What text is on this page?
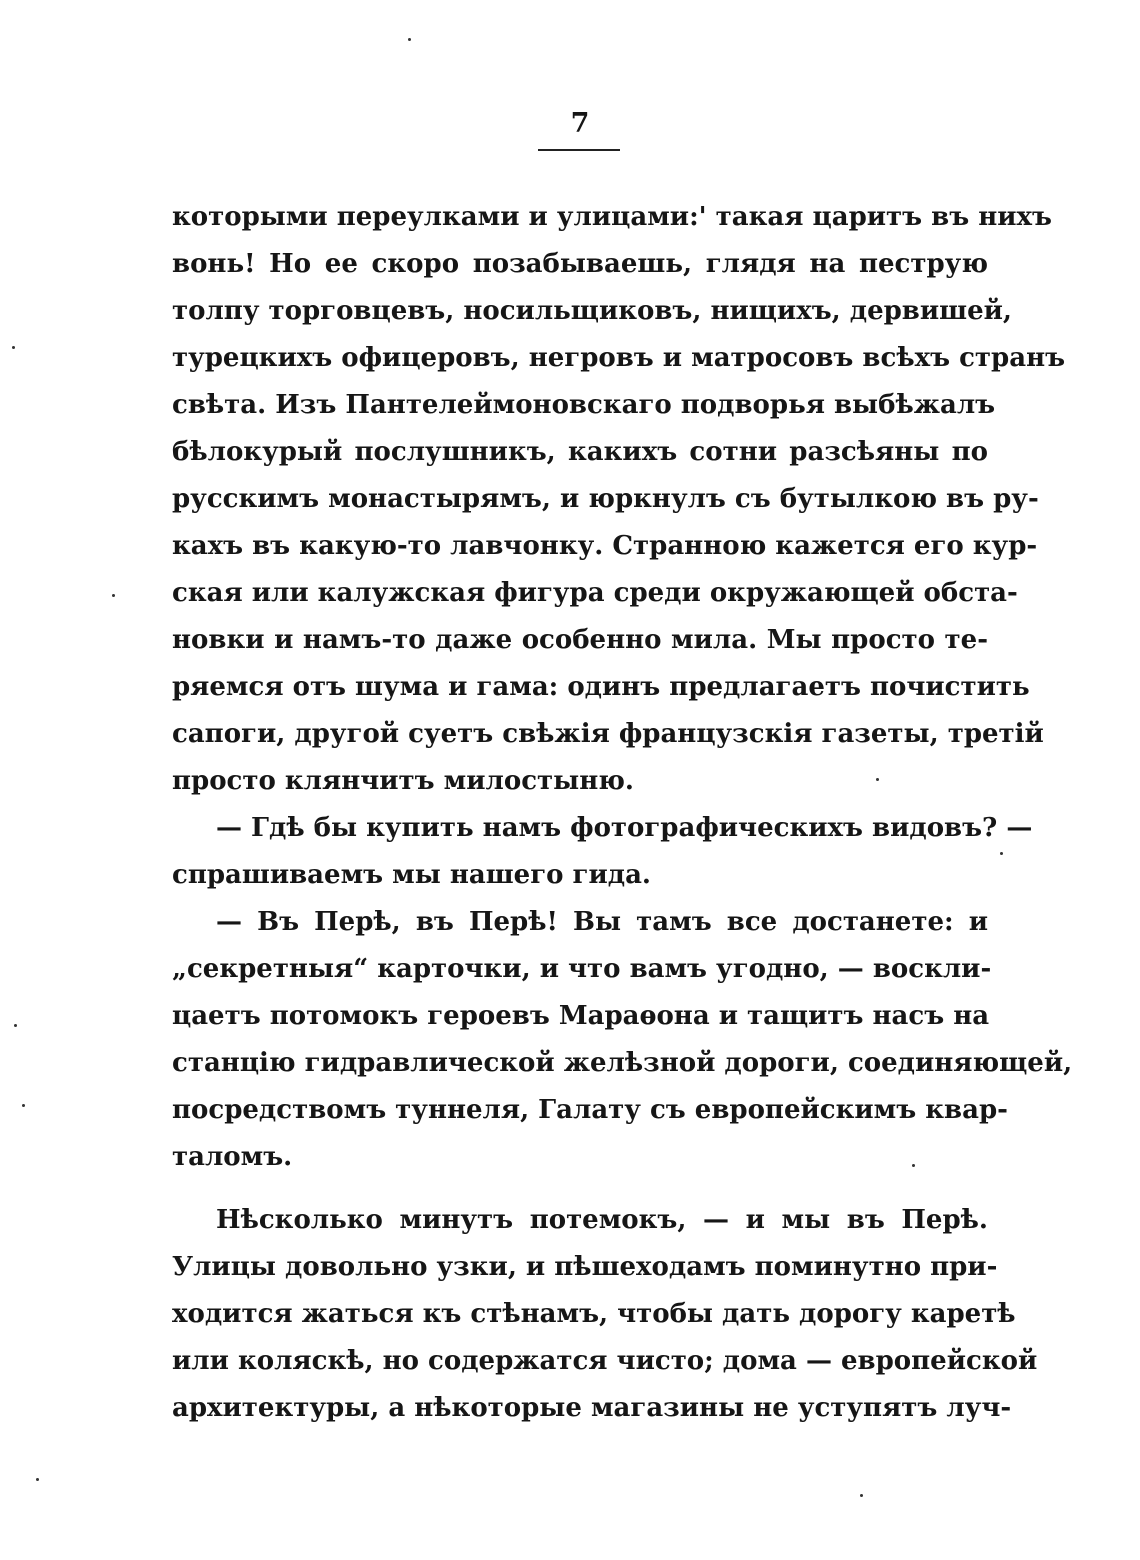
7
которыми переулками и улицами:' такая царитъ въ нихъ
вонь! Но ее скоро позабываешь, глядя на пеструю
толпу торговцевъ, носильщиковъ, нищихъ, дервишей,
турецкихъ офицеровъ, негровъ и матросовъ всѣхъ странъ
свѣта. Изъ Пантелеймоновскаго подворья выбѣжалъ
бѣлокурый послушникъ, какихъ сотни разсѣяны по
русскимъ монастырямъ, и юркнулъ съ бутылкою въ ру-
кахъ въ какую-то лавчонку. Странною кажется его кур-
ская или калужская фигура среди окружающей обста-
новки и намъ-то даже особенно мила. Мы просто те-
ряемся отъ шума и гама: одинъ предлагаетъ почистить
сапоги, другой суетъ свѣжія французскія газеты, третій
просто клянчитъ милостыню.
— Гдѣ бы купить намъ фотографическихъ видовъ? —
спрашиваемъ мы нашего гида.
— Въ Перѣ, въ Перѣ! Вы тамъ все достанете: и
„секретныя“ карточки, и что вамъ угодно, — воскли-
цаетъ потомокъ героевъ Мараѳона и тащитъ насъ на
станцію гидравлической желѣзной дороги, соединяющей,
посредствомъ туннеля, Галату съ европейскимъ квар-
таломъ.
Нѣсколько минутъ потемокъ, — и мы въ Перѣ.
Улицы довольно узки, и пѣшеходамъ поминутно при-
ходится жаться къ стѣнамъ, чтобы дать дорогу каретѣ
или коляскѣ, но содержатся чисто; дома — европейской
архитектуры, а нѣкоторые магазины не уступятъ луч-
